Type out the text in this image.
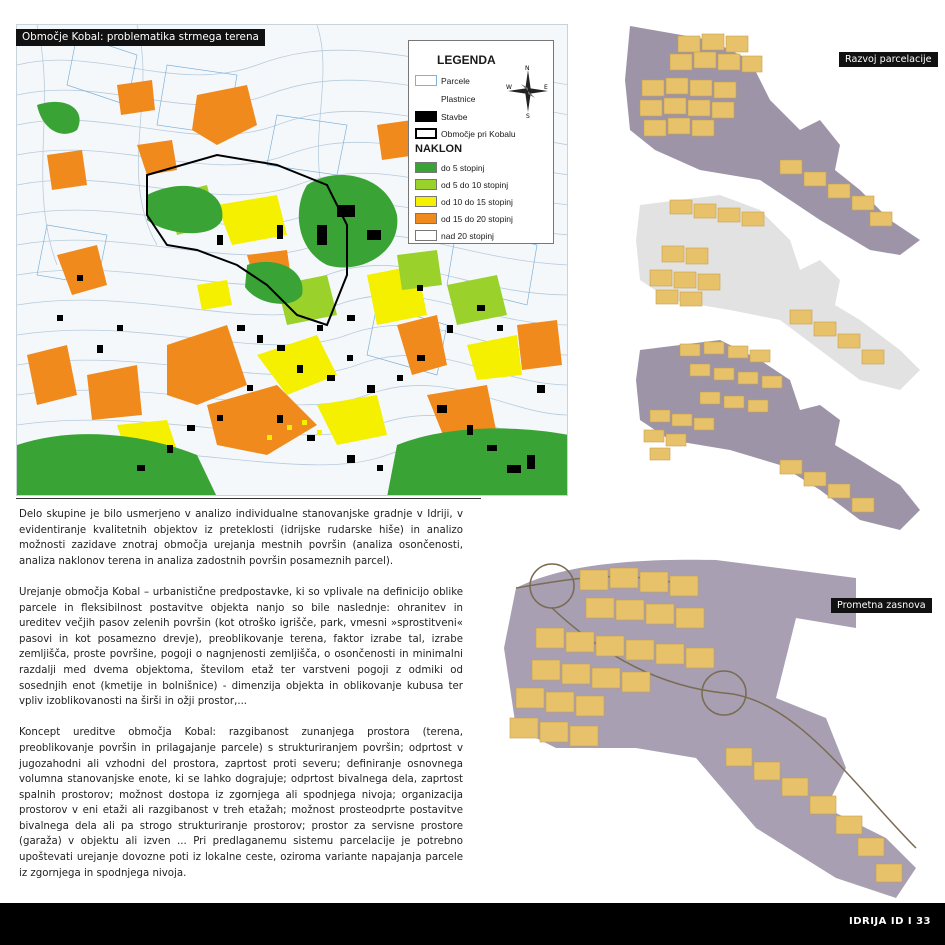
Območje Kobal: problematika strmega terena
LEGENDA
Parcele
Plastnice
Stavbe
Območje pri Kobalu
NAKLON
do 5 stopinj
od 5 do 10 stopinj
od 10 do 15 stopinj
od 15 do 20 stopinj
nad 20 stopinj
N
S
E
W

Delo skupine je bilo usmerjeno v analizo individualne stanovanjske gradnje v Idriji, v evidentiranje kvalitetnih objektov iz preteklosti (idrijske rudarske hiše) in analizo možnosti zazidave znotraj območja urejanja mestnih površin (analiza osončenosti, analiza naklonov terena in analiza zadostnih površin posameznih parcel).

Urejanje območja Kobal – urbanistične predpostavke, ki so vplivale na definicijo oblike parcele in fleksibilnost postavitve objekta nanjo so bile naslednje: ohranitev in ureditev večjih pasov zelenih površin (kot otroško igrišče, park, vmesni »sprostitveni« pasovi in kot posamezno drevje), preoblikovanje terena, faktor izrabe tal, izrabe zemljišča, proste površine, pogoji o nagnjenosti zemljišča, o osončenosti in minimalni razdalji med dvema objektoma, številom etaž ter varstveni pogoji z odmiki od sosednjih enot (kmetije in bolnišnice) - dimenzija objekta in oblikovanje kubusa ter vpliv izoblikovanosti na širši in ožji prostor,...

Koncept ureditve območja Kobal: razgibanost zunanjega prostora (terena, preoblikovanje površin in prilagajanje parcele) s strukturiranjem površin; odprtost v jugozahodni ali vzhodni del prostora, zaprtost proti severu; definiranje osnovnega volumna stanovanjske enote, ki se lahko dograjuje; odprtost bivalnega dela, zaprtost spalnih prostorov; možnost dostopa iz zgornjega ali spodnjega nivoja; organizacija prostorov v eni etaži ali razgibanost v treh etažah; možnost prosteodprte postavitve bivalnega dela ali pa strogo strukturiranje prostorov; prostor za servisne prostore (garaža) v objektu ali izven ... Pri predlaganemu sistemu parcelacije je potrebno upoštevati urejanje dovozne poti iz lokalne ceste, oziroma variante napajanja parcele iz zgornjega in spodnjega nivoja.

Razvoj parcelacije
Prometna zasnova
IDRIJA ID I 33
